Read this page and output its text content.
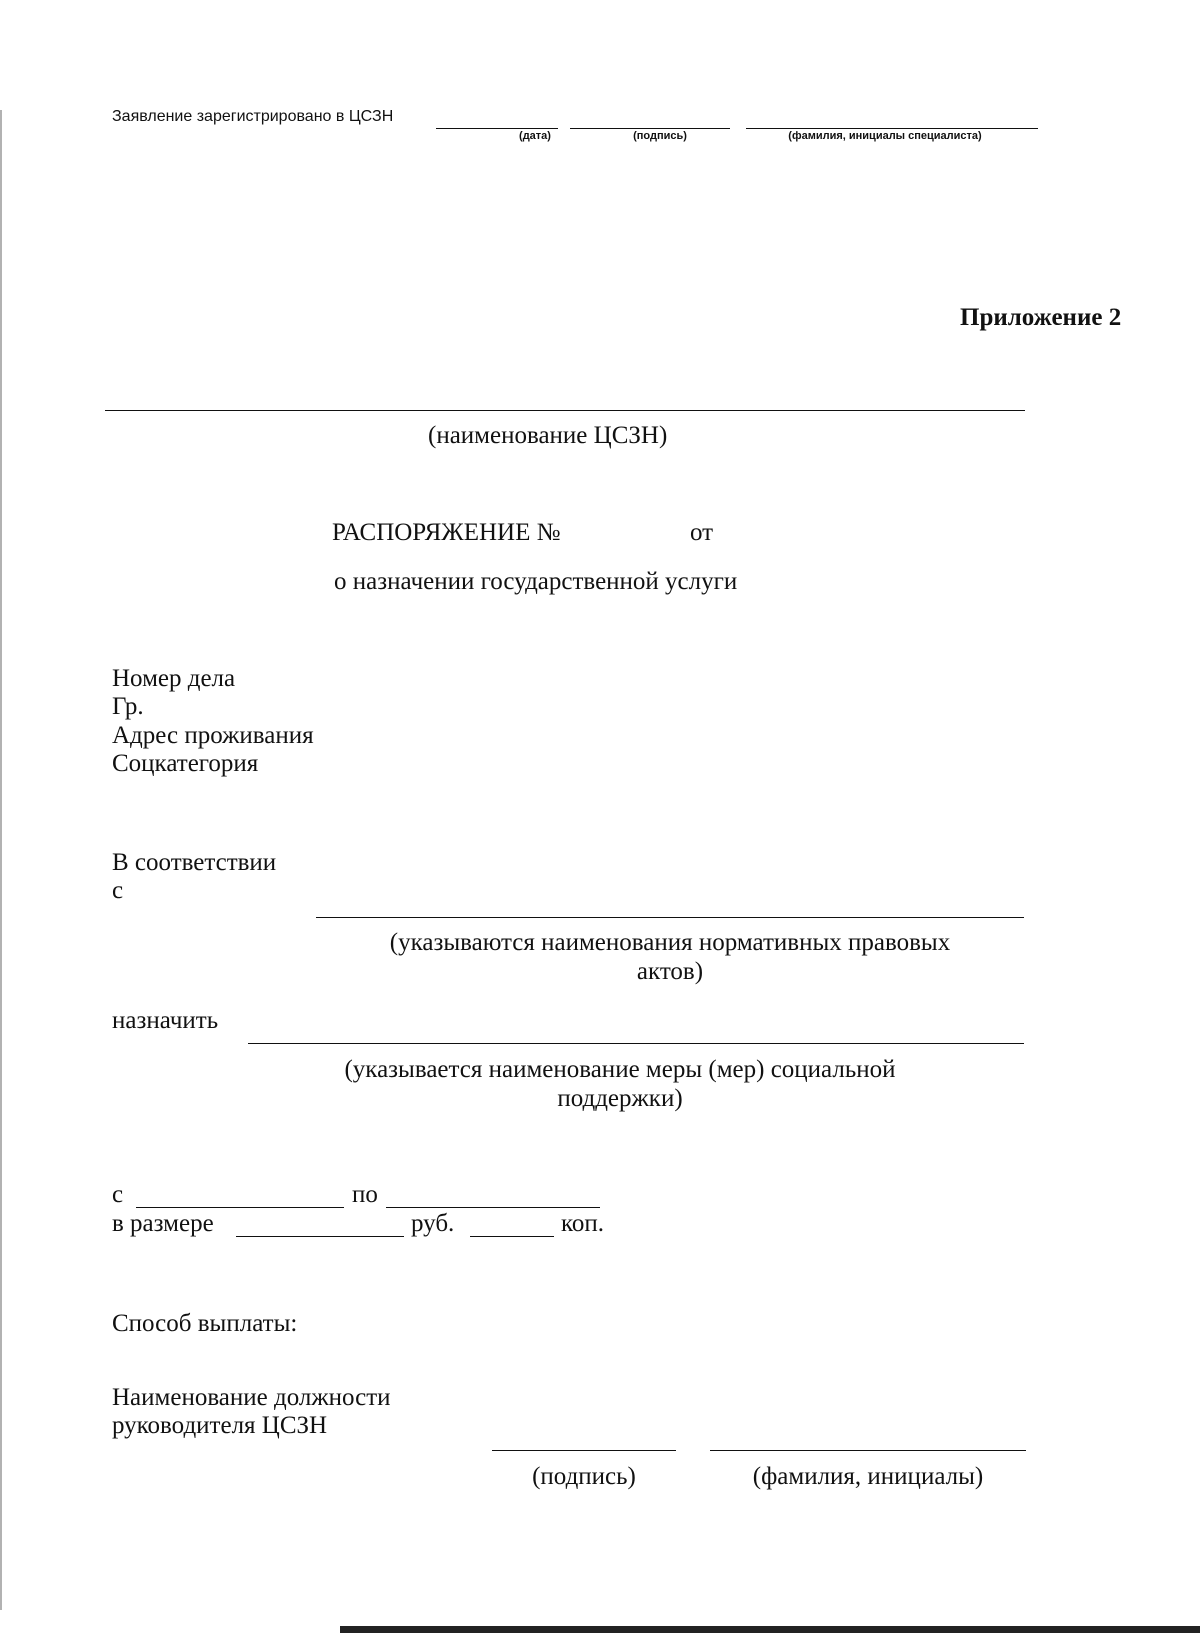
Заявление зарегистрировано в ЦСЗН
(дата)	(подпись)	(фамилия, инициалы специалиста)
Приложение 2
(наименование ЦСЗН)
РАСПОРЯЖЕНИЕ №	от
о назначении государственной услуги
Номер дела
Гр.
Адрес проживания
Соцкатегория
В соответствии
с
(указываются наименования нормативных правовых
актов)
назначить
(указывается наименование меры (мер) социальной
поддержки)
с	по
в размере	руб.	коп.
Способ выплаты:
Наименование должности
руководителя ЦСЗН
(подпись)	(фамилия, инициалы)
